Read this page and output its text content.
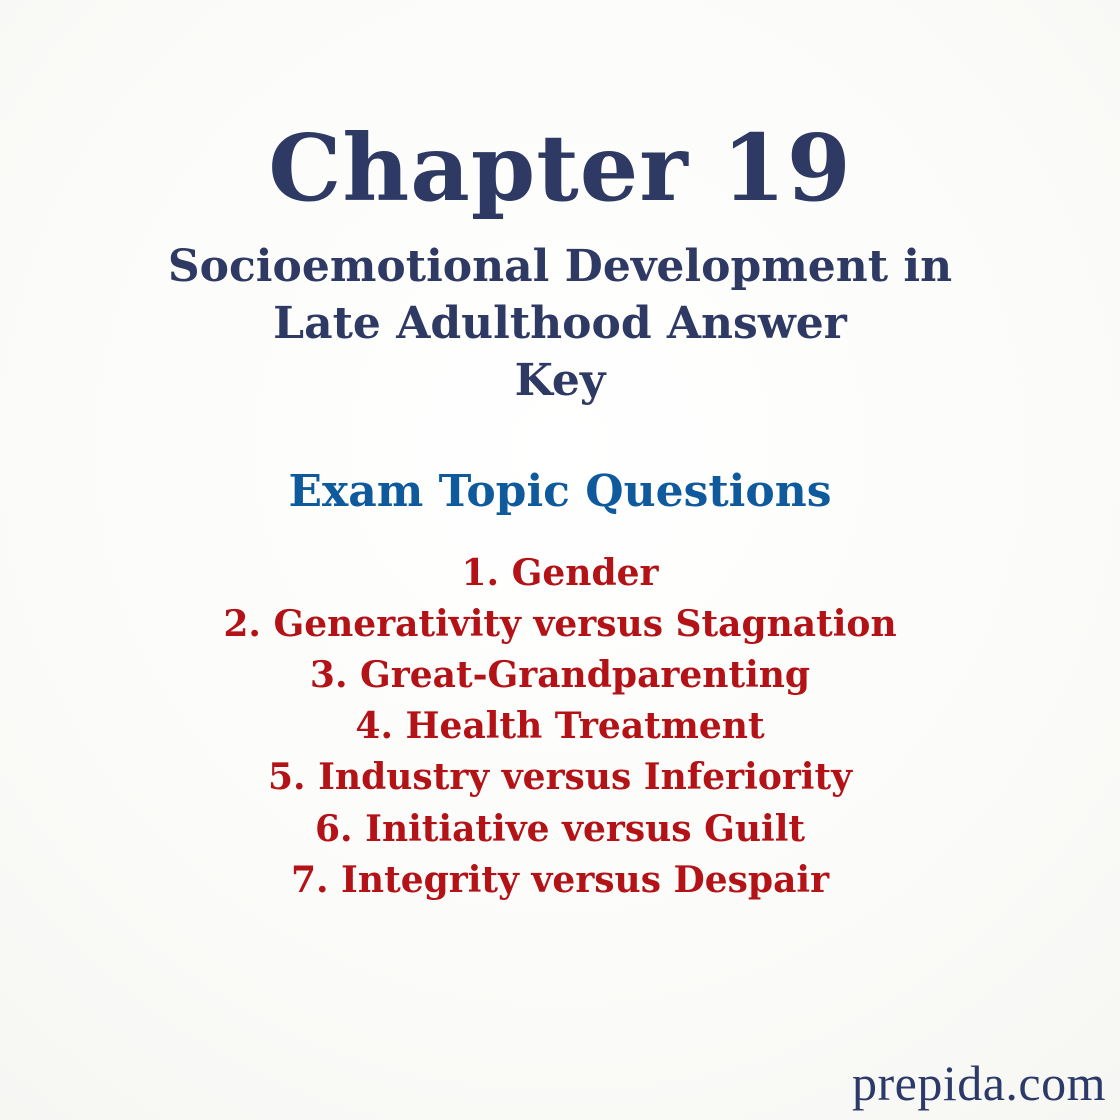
Chapter 19
Socioemotional Development in
Late Adulthood Answer
Key
Exam Topic Questions
1. Gender
2. Generativity versus Stagnation
3. Great-Grandparenting
4. Health Treatment
5. Industry versus Inferiority
6. Initiative versus Guilt
7. Integrity versus Despair
prepida.com
